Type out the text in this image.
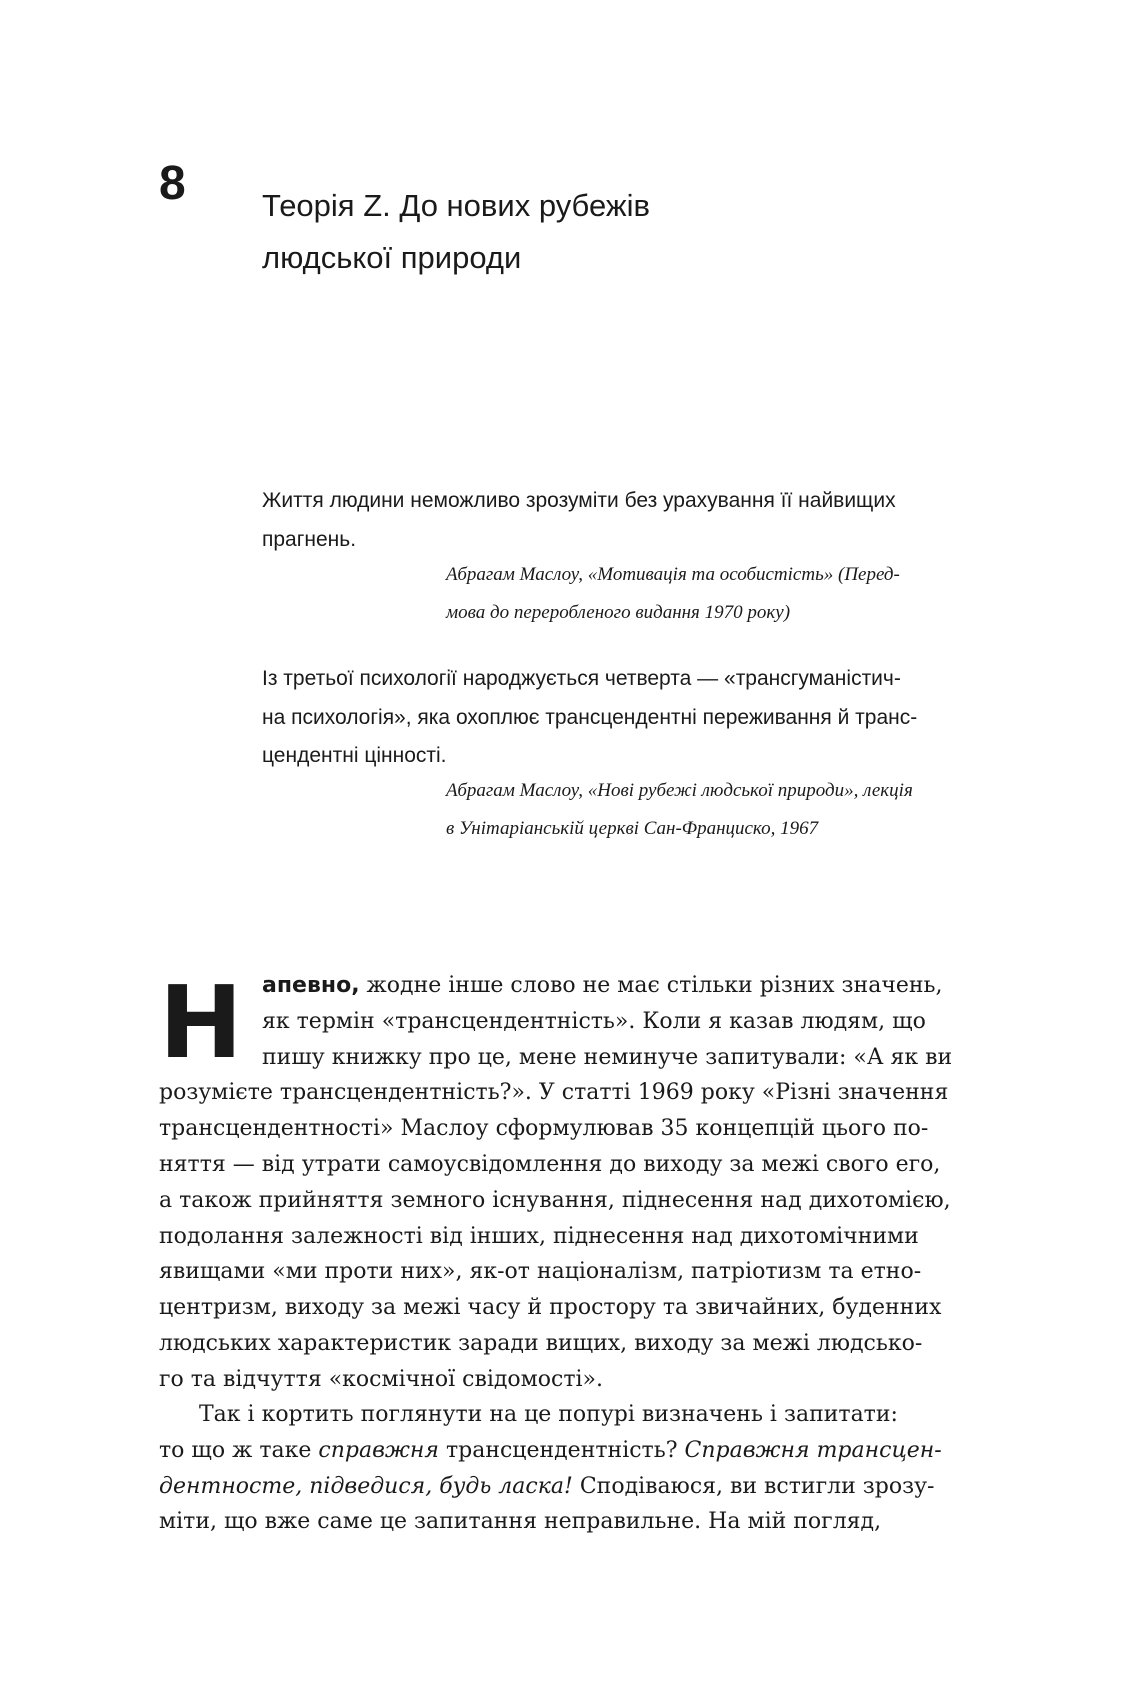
8 Теорія Z. До нових рубежів
людської природи
Життя людини неможливо зрозуміти без урахування її найвищих
прагнень.
Абрагам Маслоу, «Мотивація та особистість» (Перед-
мова до переробленого видання 1970 року)
Із третьої психології народжується четверта — «трансгуманістич-
на психологія», яка охоплює трансцендентні переживання й транс-
цендентні цінності.
Абрагам Маслоу, «Нові рубежі людської природи», лекція
в Унітаріанській церкві Сан-Франциско, 1967
Н апевно, жодне інше слово не має стільки різних значень,
як термін «трансцендентність». Коли я казав людям, що
пишу книжку про це, мене неминуче запитували: «А як ви
розумієте трансцендентність?». У статті 1969 року «Різні значення
трансцендентності» Маслоу сформулював 35 концепцій цього по-
няття — від утрати самоусвідомлення до виходу за межі свого его,
а також прийняття земного існування, піднесення над дихотомією,
подолання залежності від інших, піднесення над дихотомічними
явищами «ми проти них», як-от націоналізм, патріотизм та етно-
центризм, виходу за межі часу й простору та звичайних, буденних
людських характеристик заради вищих, виходу за межі людсько-
го та відчуття «космічної свідомості».
Так і кортить поглянути на це попурі визначень і запитати:
то що ж таке справжня трансцендентність? Справжня трансцен-
дентносте, підведися, будь ласка! Сподіваюся, ви встигли зрозу-
міти, що вже саме це запитання неправильне. На мій погляд,
